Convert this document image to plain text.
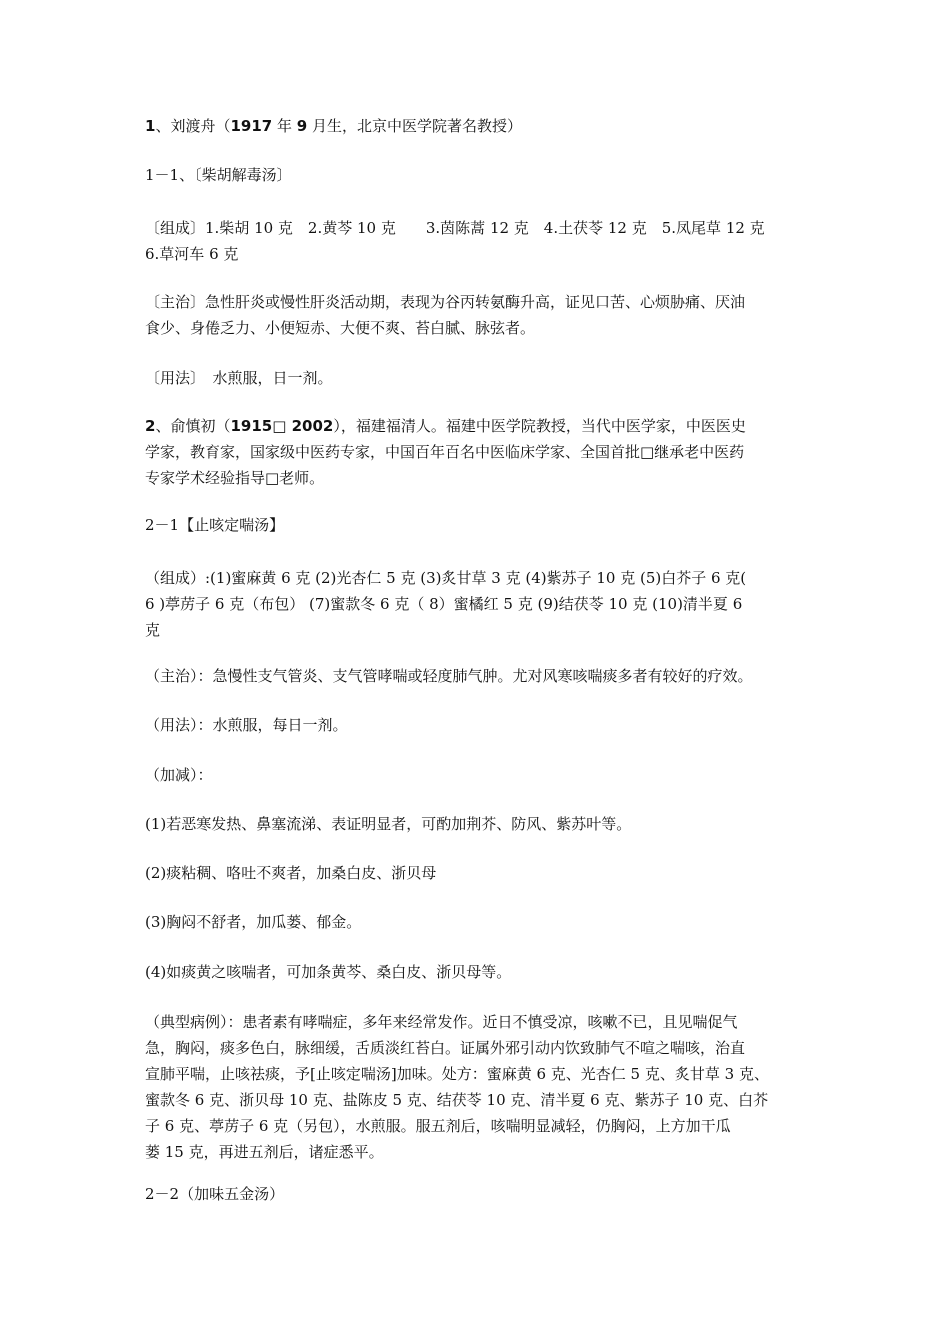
1、刘渡舟（1917 年 9 月生，北京中医学院著名教授）

1－1、〔柴胡解毒汤〕

〔组成〕1.柴胡 10 克　2.黄芩 10 克　　3.茵陈蒿 12 克　4.土茯苓 12 克　5.凤尾草 12 克
6.草河车 6 克

〔主治〕急性肝炎或慢性肝炎活动期，表现为谷丙转氨酶升高，证见口苦、心烦胁痛、厌油
食少、身倦乏力、小便短赤、大便不爽、苔白腻、脉弦者。

〔用法〕　水煎服，日一剂。

2、俞慎初（1915□ 2002），福建福清人。福建中医学院教授，当代中医学家，中医医史
学家，教育家，国家级中医药专家，中国百年百名中医临床学家、全国首批□继承老中医药
专家学术经验指导□老师。

2－1【止咳定喘汤】

（组成）:(1)蜜麻黄 6 克 (2)光杏仁 5 克 (3)炙甘草 3 克 (4)紫苏子 10 克 (5)白芥子 6 克(
6 )葶苈子 6 克（布包） (7)蜜款冬 6 克（ 8）蜜橘红 5 克 (9)结茯苓 10 克 (10)清半夏 6
克

（主治）：急慢性支气管炎、支气管哮喘或轻度肺气肿。尤对风寒咳喘痰多者有较好的疗效。

（用法）：水煎服，每日一剂。

（加减）：

(1)若恶寒发热、鼻塞流涕、表证明显者，可酌加荆芥、防风、紫苏叶等。

(2)痰粘稠、咯吐不爽者，加桑白皮、浙贝母

(3)胸闷不舒者，加瓜蒌、郁金。

(4)如痰黄之咳喘者，可加条黄芩、桑白皮、浙贝母等。

（典型病例）：患者素有哮喘症，多年来经常发作。近日不慎受凉，咳嗽不已，且见喘促气
急，胸闷，痰多色白，脉细缓，舌质淡红苔白。证属外邪引动内饮致肺气不喧之喘咳，治直
宣肺平喘，止咳祛痰，予[止咳定喘汤]加味。处方：蜜麻黄 6 克、光杏仁 5 克、炙甘草 3 克、
蜜款冬 6 克、浙贝母 10 克、盐陈皮 5 克、结茯苓 10 克、清半夏 6 克、紫苏子 10 克、白芥
子 6 克、葶苈子 6 克（另包），水煎服。服五剂后，咳喘明显减轻，仍胸闷，上方加干瓜
蒌 15 克，再进五剂后，诸症悉平。

2－2（加味五金汤）
